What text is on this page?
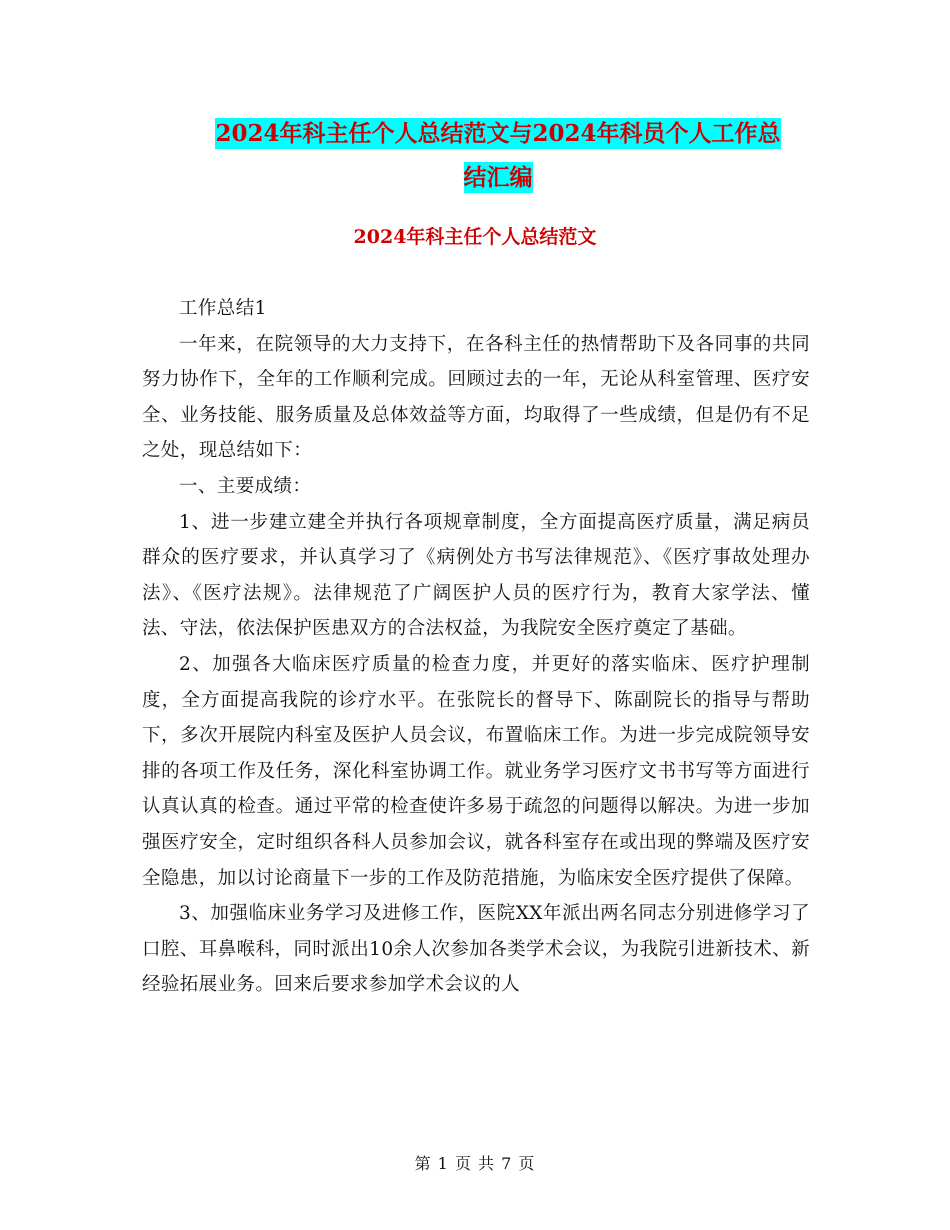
2024年科主任个人总结范文与2024年科员个人工作总
结汇编
2024年科主任个人总结范文

工作总结1

一年来，在院领导的大力支持下，在各科主任的热情帮助下及各同事的共同努力协作下，全年的工作顺利完成。回顾过去的一年，无论从科室管理、医疗安全、业务技能、服务质量及总体效益等方面，均取得了一些成绩，但是仍有不足之处，现总结如下：

一、主要成绩：

1、进一步建立建全并执行各项规章制度，全方面提高医疗质量，满足病员群众的医疗要求，并认真学习了《病例处方书写法律规范》、《医疗事故处理办法》、《医疗法规》。法律规范了广阔医护人员的医疗行为，教育大家学法、懂法、守法，依法保护医患双方的合法权益，为我院安全医疗奠定了基础。

2、加强各大临床医疗质量的检查力度，并更好的落实临床、医疗护理制度，全方面提高我院的诊疗水平。在张院长的督导下、陈副院长的指导与帮助下，多次开展院内科室及医护人员会议，布置临床工作。为进一步完成院领导安排的各项工作及任务，深化科室协调工作。就业务学习医疗文书书写等方面进行认真认真的检查。通过平常的检查使许多易于疏忽的问题得以解决。为进一步加强医疗安全，定时组织各科人员参加会议，就各科室存在或出现的弊端及医疗安全隐患，加以讨论商量下一步的工作及防范措施，为临床安全医疗提供了保障。

3、加强临床业务学习及进修工作，医院XX年派出两名同志分别进修学习了口腔、耳鼻喉科，同时派出10余人次参加各类学术会议，为我院引进新技术、新经验拓展业务。回来后要求参加学术会议的人

第 1 页 共 7 页
